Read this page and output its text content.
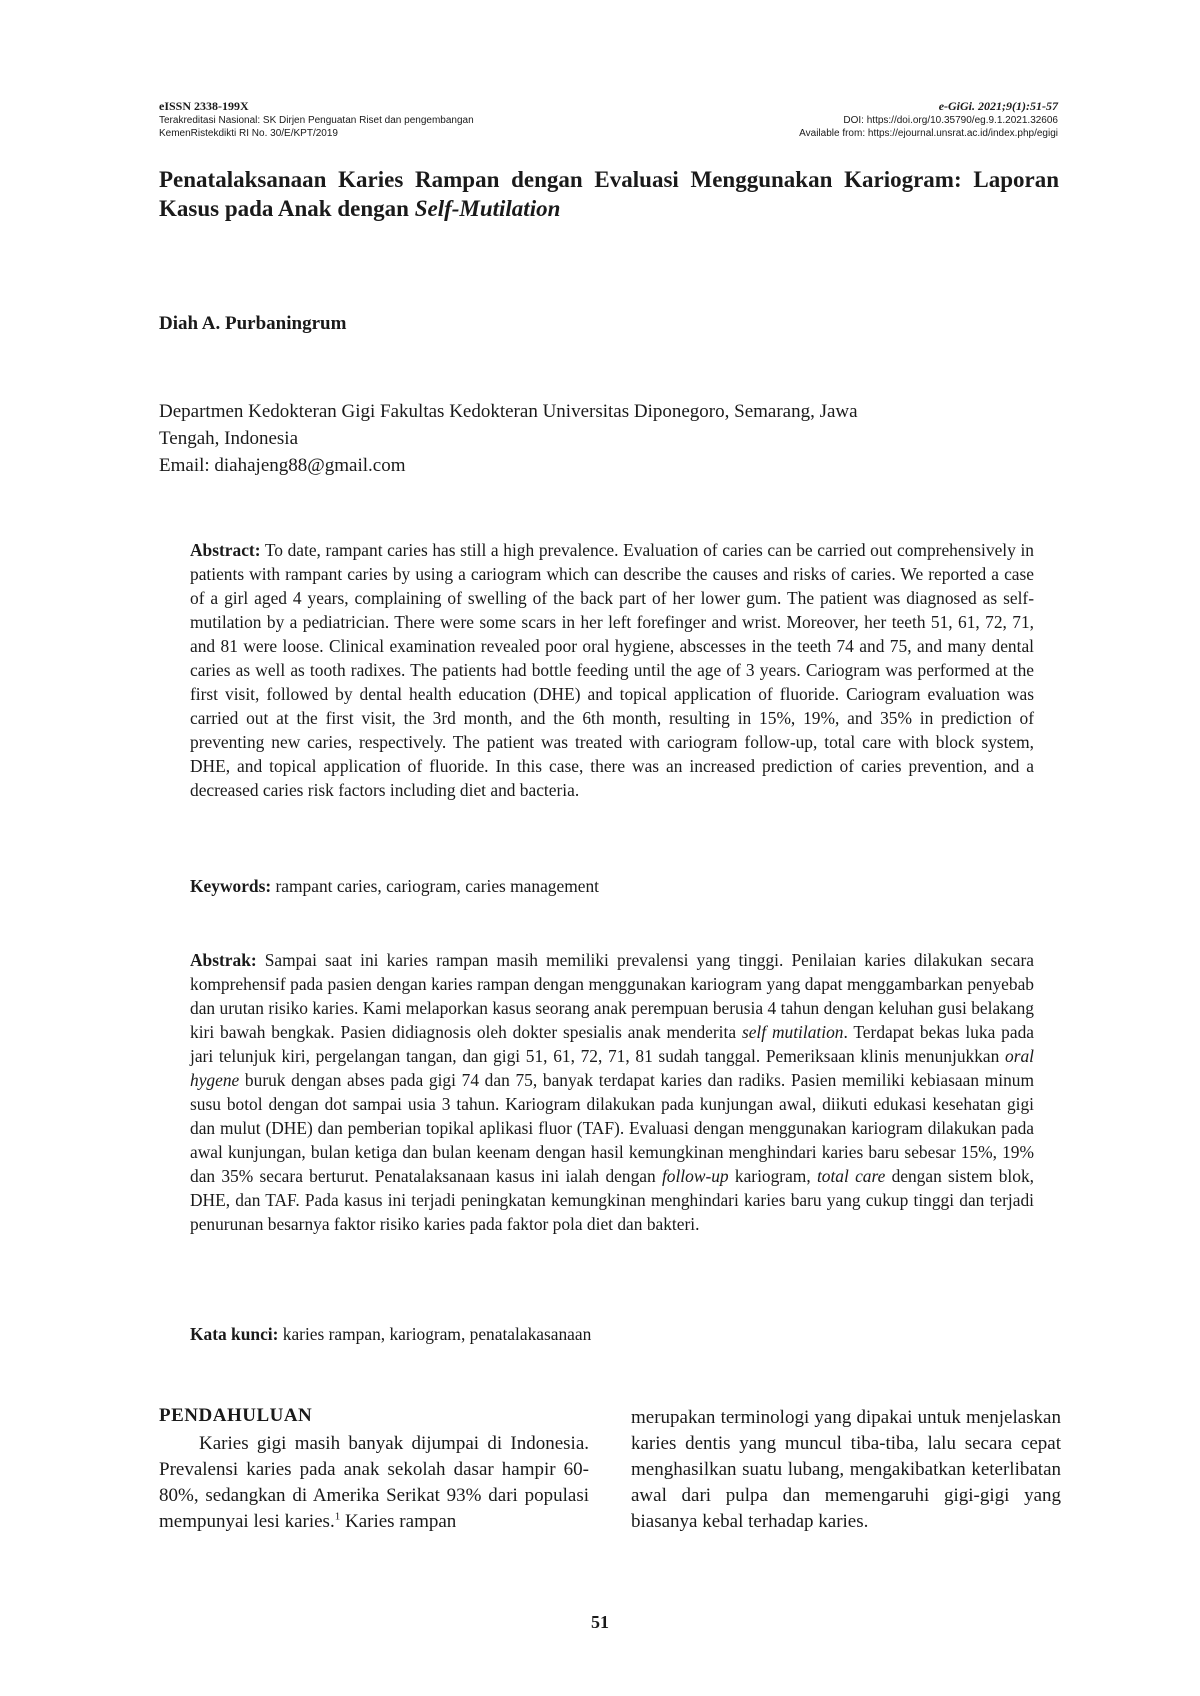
eISSN 2338-199X
Terakreditasi Nasional: SK Dirjen Penguatan Riset dan pengembangan
KemenRistekdikti RI No. 30/E/KPT/2019
e-GiGi. 2021;9(1):51-57
DOI: https://doi.org/10.35790/eg.9.1.2021.32606
Available from: https://ejournal.unsrat.ac.id/index.php/egigi
Penatalaksanaan Karies Rampan dengan Evaluasi Menggunakan Kariogram: Laporan Kasus pada Anak dengan Self-Mutilation

Diah A. Purbaningrum

Departmen Kedokteran Gigi Fakultas Kedokteran Universitas Diponegoro, Semarang, Jawa
Tengah, Indonesia
Email: diahajeng88@gmail.com

Abstract: To date, rampant caries has still a high prevalence. Evaluation of caries can be carried out comprehensively in patients with rampant caries by using a cariogram which can describe the causes and risks of caries. We reported a case of a girl aged 4 years, complaining of swelling of the back part of her lower gum. The patient was diagnosed as self-mutilation by a pediatrician. There were some scars in her left forefinger and wrist. Moreover, her teeth 51, 61, 72, 71, and 81 were loose. Clinical examination revealed poor oral hygiene, abscesses in the teeth 74 and 75, and many dental caries as well as tooth radixes. The patients had bottle feeding until the age of 3 years. Cariogram was performed at the first visit, followed by dental health education (DHE) and topical application of fluoride. Cariogram evaluation was carried out at the first visit, the 3rd month, and the 6th month, resulting in 15%, 19%, and 35% in prediction of preventing new caries, respectively. The patient was treated with cariogram follow-up, total care with block system, DHE, and topical application of fluoride. In this case, there was an increased prediction of caries prevention, and a decreased caries risk factors including diet and bacteria.

Keywords: rampant caries, cariogram, caries management

Abstrak: Sampai saat ini karies rampan masih memiliki prevalensi yang tinggi. Penilaian karies dilakukan secara komprehensif pada pasien dengan karies rampan dengan menggunakan kariogram yang dapat menggambarkan penyebab dan urutan risiko karies. Kami melaporkan kasus seorang anak perempuan berusia 4 tahun dengan keluhan gusi belakang kiri bawah bengkak. Pasien didiagnosis oleh dokter spesialis anak menderita self mutilation. Terdapat bekas luka pada jari telunjuk kiri, pergelangan tangan, dan gigi 51, 61, 72, 71, 81 sudah tanggal. Pemeriksaan klinis menunjukkan oral hygene buruk dengan abses pada gigi 74 dan 75, banyak terdapat karies dan radiks. Pasien memiliki kebiasaan minum susu botol dengan dot sampai usia 3 tahun. Kariogram dilakukan pada kunjungan awal, diikuti edukasi kesehatan gigi dan mulut (DHE) dan pemberian topikal aplikasi fluor (TAF). Evaluasi dengan menggunakan kariogram dilakukan pada awal kunjungan, bulan ketiga dan bulan keenam dengan hasil kemungkinan menghindari karies baru sebesar 15%, 19% dan 35% secara berturut. Penatalaksanaan kasus ini ialah dengan follow-up kariogram, total care dengan sistem blok, DHE, dan TAF. Pada kasus ini terjadi peningkatan kemungkinan menghindari karies baru yang cukup tinggi dan terjadi penurunan besarnya faktor risiko karies pada faktor pola diet dan bakteri.

Kata kunci: karies rampan, kariogram, penatalakasanaan

PENDAHULUAN

Karies gigi masih banyak dijumpai di Indonesia. Prevalensi karies pada anak sekolah dasar hampir 60-80%, sedangkan di Amerika Serikat 93% dari populasi mempunyai lesi karies.$^1$ Karies rampan

merupakan terminologi yang dipakai untuk menjelaskan karies dentis yang muncul tiba-tiba, lalu secara cepat menghasilkan suatu lubang, mengakibatkan keterlibatan awal dari pulpa dan memengaruhi gigi-gigi yang biasanya kebal terhadap karies.

51
